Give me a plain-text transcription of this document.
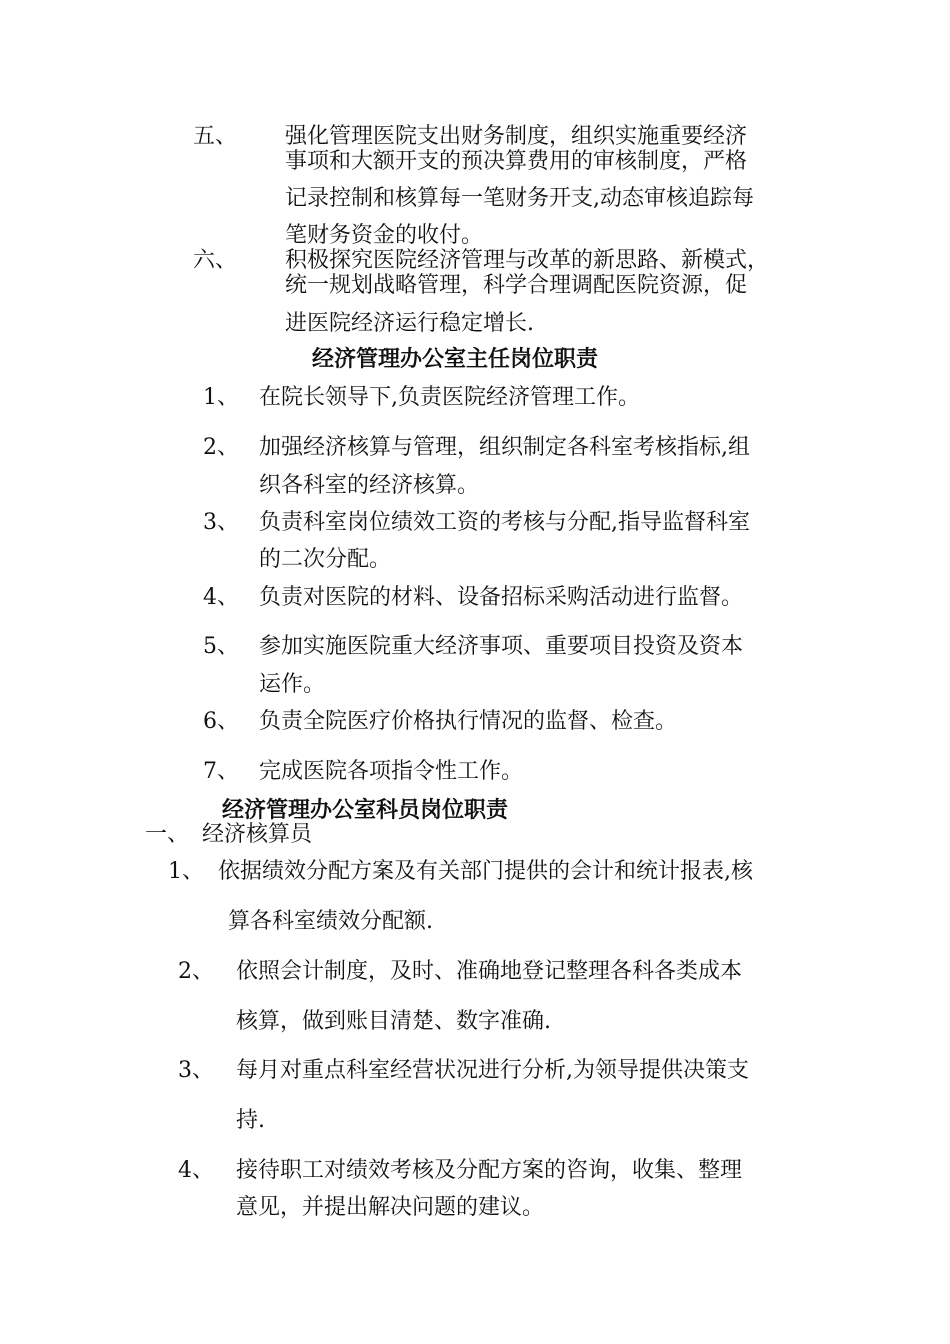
五、 强化管理医院支出财务制度，组织实施重要经济
事项和大额开支的预决算费用的审核制度，严格
记录控制和核算每一笔财务开支,动态审核追踪每
笔财务资金的收付。
六、 积极探究医院经济管理与改革的新思路、新模式，
统一规划战略管理，科学合理调配医院资源，促
进医院经济运行稳定增长.
经济管理办公室主任岗位职责
1、 在院长领导下,负责医院经济管理工作。
2、 加强经济核算与管理，组织制定各科室考核指标,组
织各科室的经济核算。
3、 负责科室岗位绩效工资的考核与分配,指导监督科室
的二次分配。
4、 负责对医院的材料、设备招标采购活动进行监督。
5、 参加实施医院重大经济事项、重要项目投资及资本
运作。
6、 负责全院医疗价格执行情况的监督、检查。
7、 完成医院各项指令性工作。
经济管理办公室科员岗位职责
一、 经济核算员
1、 依据绩效分配方案及有关部门提供的会计和统计报表,核
算各科室绩效分配额.
2、 依照会计制度，及时、准确地登记整理各科各类成本
核算，做到账目清楚、数字准确.
3、 每月对重点科室经营状况进行分析,为领导提供决策支
持.
4、 接待职工对绩效考核及分配方案的咨询，收集、整理
意见，并提出解决问题的建议。
